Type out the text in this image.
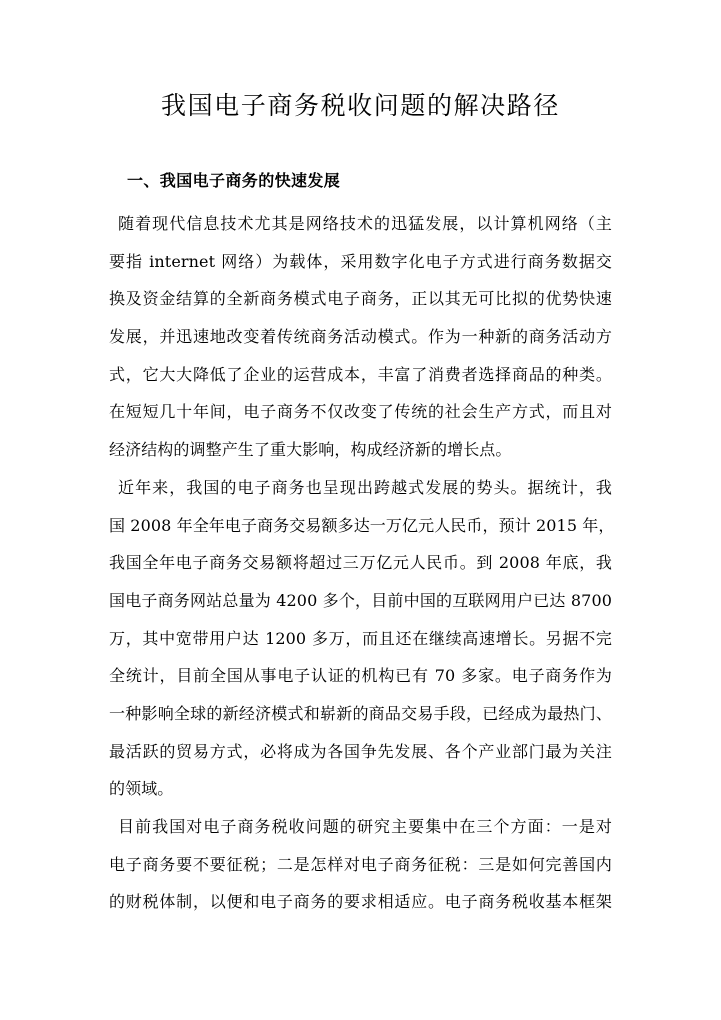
我国电子商务税收问题的解决路径
一、我国电子商务的快速发展
随着现代信息技术尤其是网络技术的迅猛发展，以计算机网络（主
要指 internet 网络）为载体，采用数字化电子方式进行商务数据交
换及资金结算的全新商务模式电子商务，正以其无可比拟的优势快速
发展，并迅速地改变着传统商务活动模式。作为一种新的商务活动方
式，它大大降低了企业的运营成本，丰富了消费者选择商品的种类。
在短短几十年间，电子商务不仅改变了传统的社会生产方式，而且对
经济结构的调整产生了重大影响，构成经济新的增长点。
近年来，我国的电子商务也呈现出跨越式发展的势头。据统计，我
国 2008 年全年电子商务交易额多达一万亿元人民币，预计 2015 年，
我国全年电子商务交易额将超过三万亿元人民币。到 2008 年底，我
国电子商务网站总量为 4200 多个，目前中国的互联网用户已达 8700
万，其中宽带用户达 1200 多万，而且还在继续高速增长。另据不完
全统计，目前全国从事电子认证的机构已有 70 多家。电子商务作为
一种影响全球的新经济模式和崭新的商品交易手段，已经成为最热门、
最活跃的贸易方式，必将成为各国争先发展、各个产业部门最为关注
的领域。
目前我国对电子商务税收问题的研究主要集中在三个方面：一是对
电子商务要不要征税；二是怎样对电子商务征税：三是如何完善国内
的财税体制，以便和电子商务的要求相适应。电子商务税收基本框架
